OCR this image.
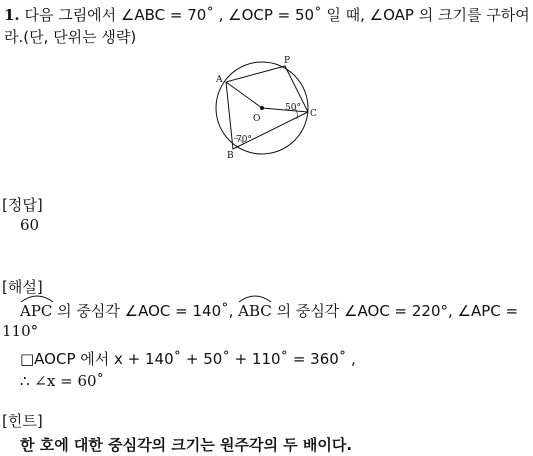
1. 다음 그림에서 ∠ABC = 70˚ , ∠OCP = 50˚ 일 때, ∠OAP 의 크기를 구하여
라.(단, 단위는 생략)
A
P
O	C
B
50°
70°
[정답]
60
[해설]
APC 의 중심각 ∠AOC = 140˚,
ABC 의 중심각 ∠AOC = 220°, ∠APC =
110°
□AOCP 에서 x + 140˚ + 50˚ + 110˚ = 360˚ ,
∴ ∠x = 60˚
[힌트]
한 호에 대한 중심각의 크기는 원주각의 두 배이다.
